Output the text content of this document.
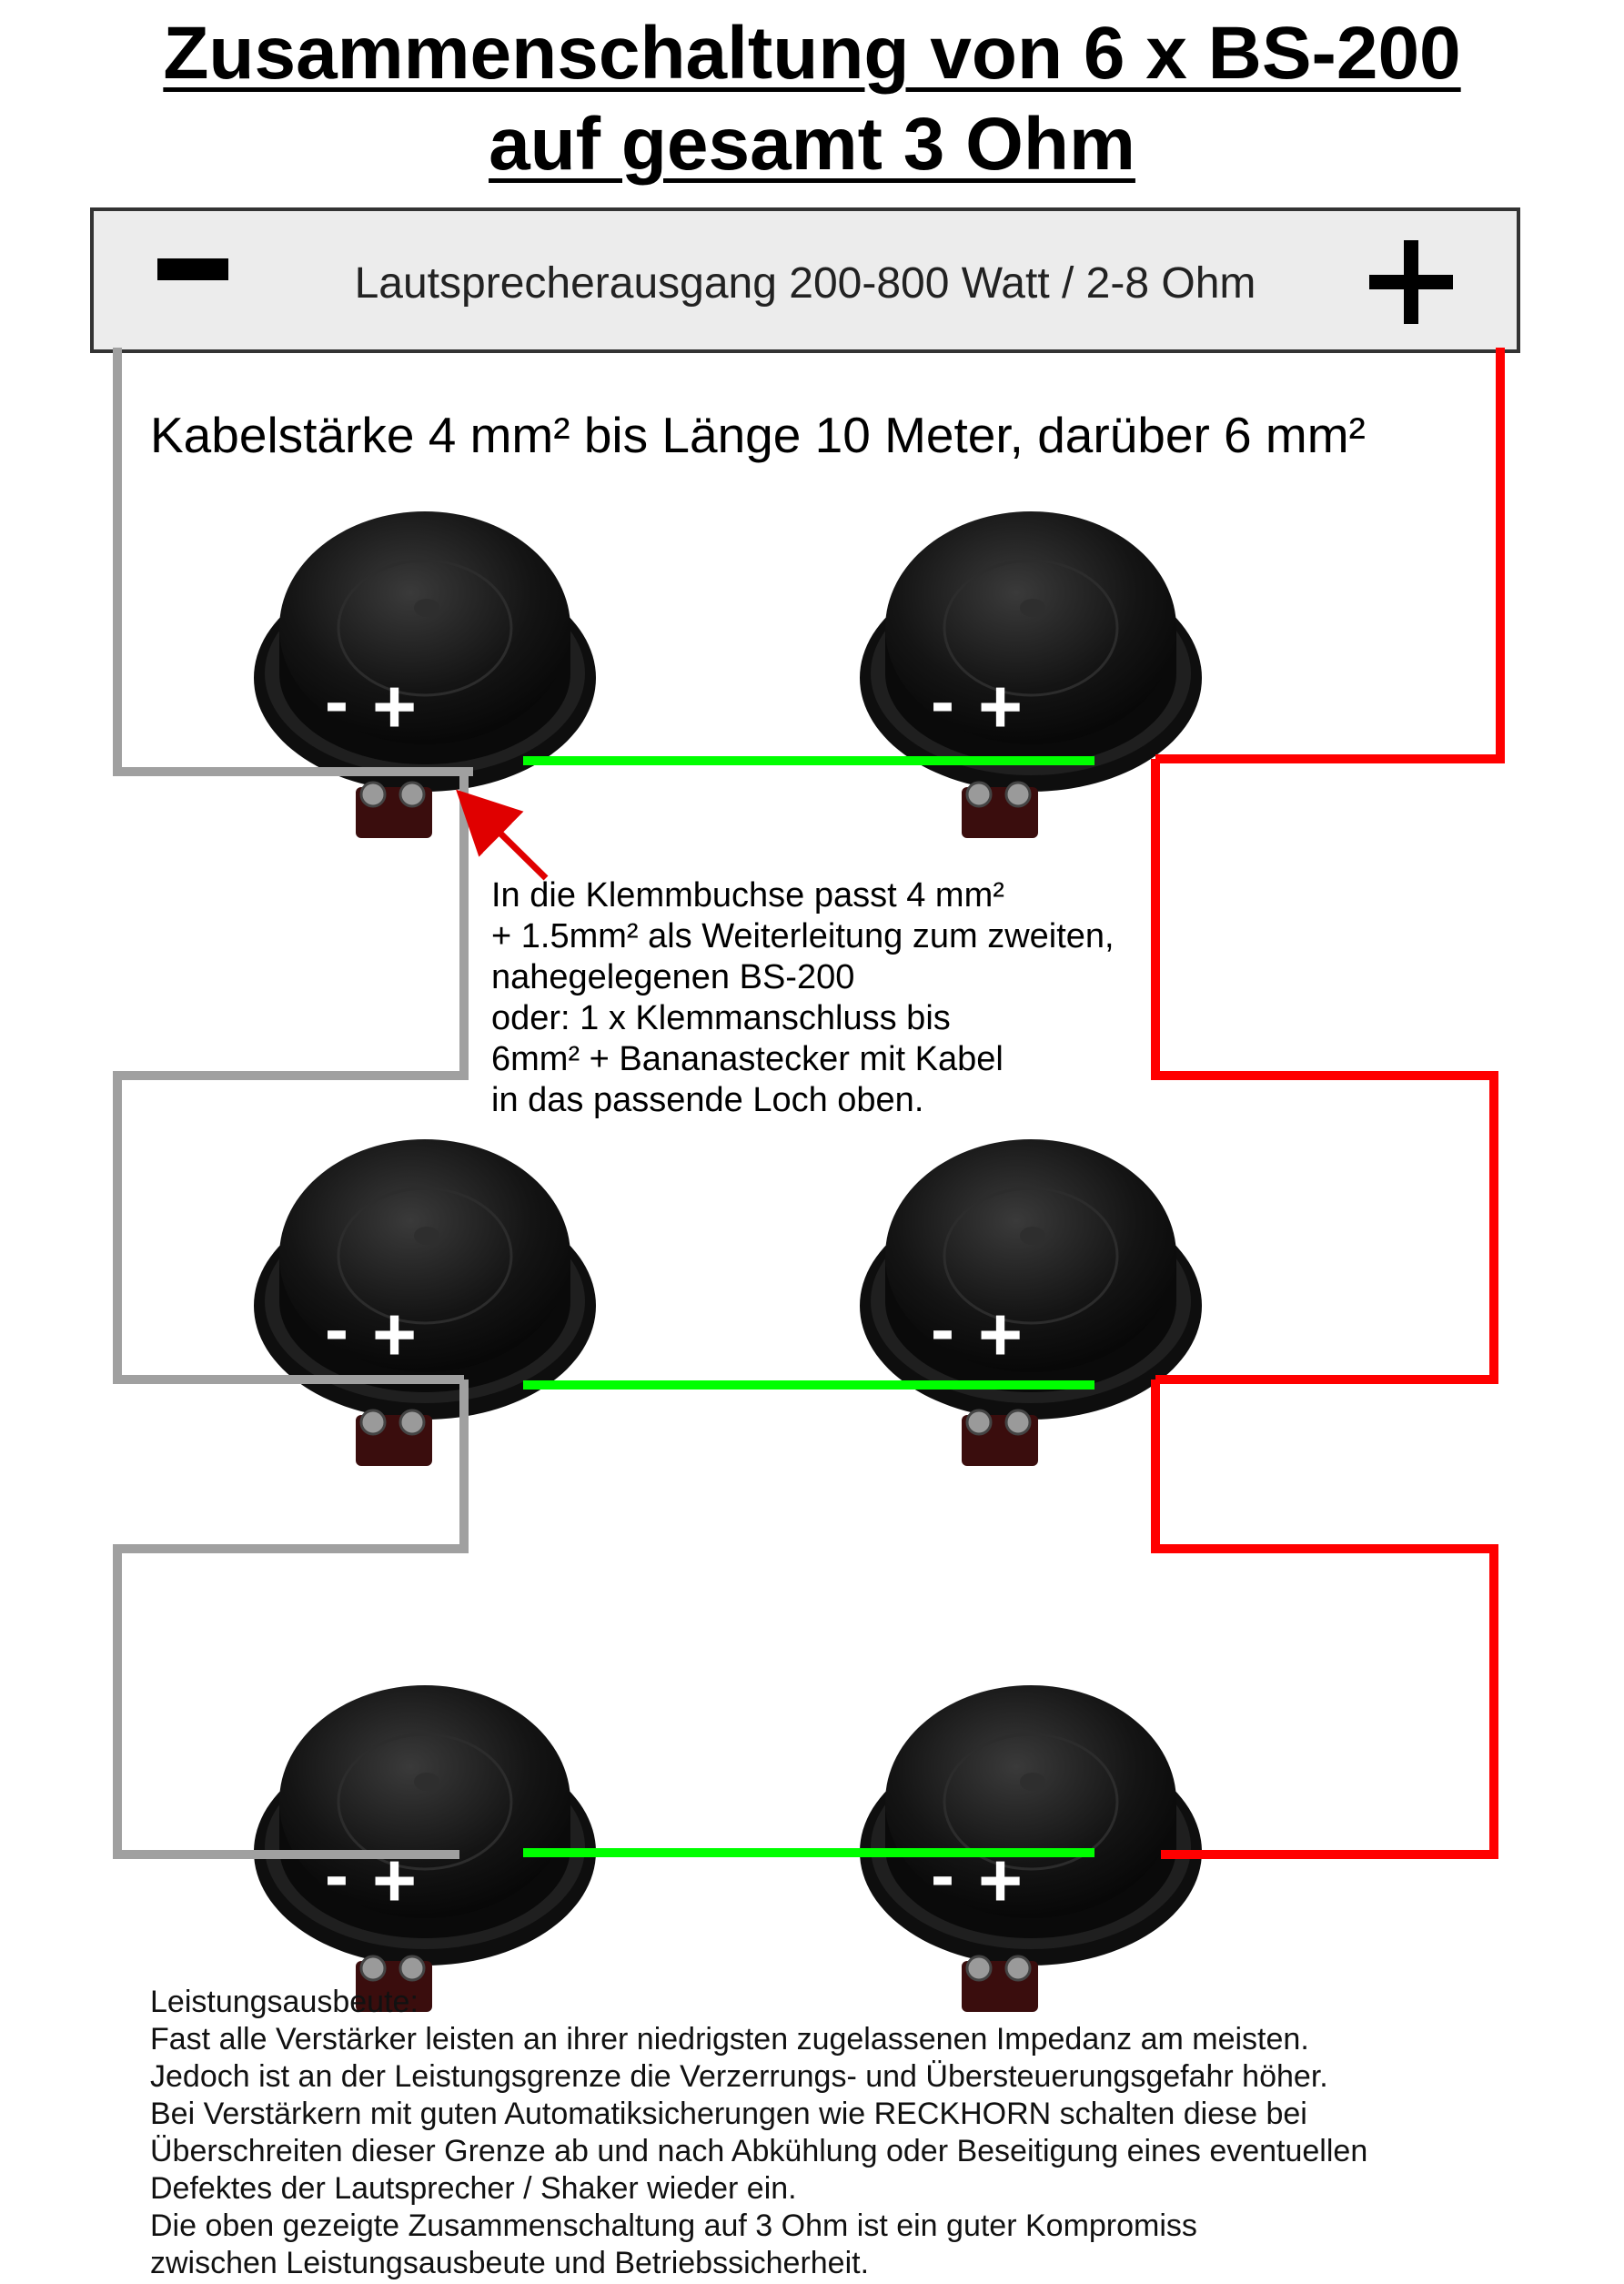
Zusammenschaltung von 6 x BS-200
auf gesamt 3 Ohm
Lautsprecherausgang 200-800 Watt / 2-8 Ohm
- +	- +
- +	- +
- +	- +
Kabelstärke 4 mm² bis Länge 10 Meter, darüber 6 mm²
In die Klemmbuchse passt 4 mm²
+ 1.5mm² als Weiterleitung zum zweiten,
nahegelegenen BS-200
oder: 1 x Klemmanschluss bis
6mm² + Bananastecker mit Kabel
in das passende Loch oben.
Leistungsausbeute:
Fast alle Verstärker leisten an ihrer niedrigsten zugelassenen Impedanz am meisten.
Jedoch ist an der Leistungsgrenze die Verzerrungs- und Übersteuerungsgefahr höher.
Bei Verstärkern mit guten Automatiksicherungen wie RECKHORN schalten diese bei
Überschreiten dieser Grenze ab und nach Abkühlung oder Beseitigung eines eventuellen
Defektes der Lautsprecher / Shaker wieder ein.
Die oben gezeigte Zusammenschaltung auf 3 Ohm ist ein guter Kompromiss
zwischen Leistungsausbeute und Betriebssicherheit.
